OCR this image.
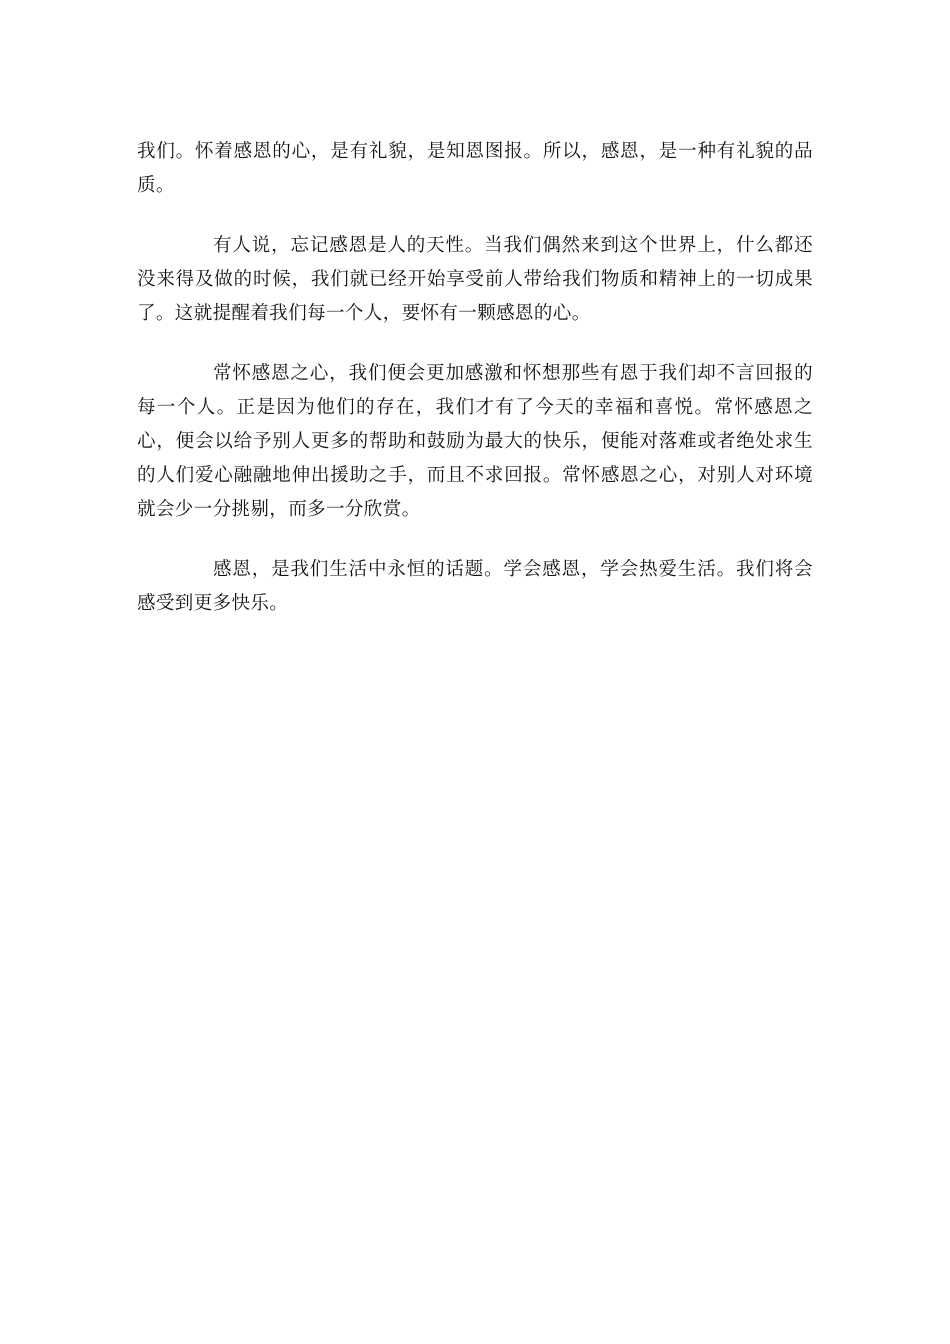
我们。怀着感恩的心，是有礼貌，是知恩图报。所以，感恩，是一种有礼貌的品质。

有人说，忘记感恩是人的天性。当我们偶然来到这个世界上，什么都还没来得及做的时候，我们就已经开始享受前人带给我们物质和精神上的一切成果了。这就提醒着我们每一个人，要怀有一颗感恩的心。

常怀感恩之心，我们便会更加感激和怀想那些有恩于我们却不言回报的每一个人。正是因为他们的存在，我们才有了今天的幸福和喜悦。常怀感恩之心，便会以给予别人更多的帮助和鼓励为最大的快乐，便能对落难或者绝处求生的人们爱心融融地伸出援助之手，而且不求回报。常怀感恩之心，对别人对环境就会少一分挑剔，而多一分欣赏。

感恩，是我们生活中永恒的话题。学会感恩，学会热爱生活。我们将会感受到更多快乐。
